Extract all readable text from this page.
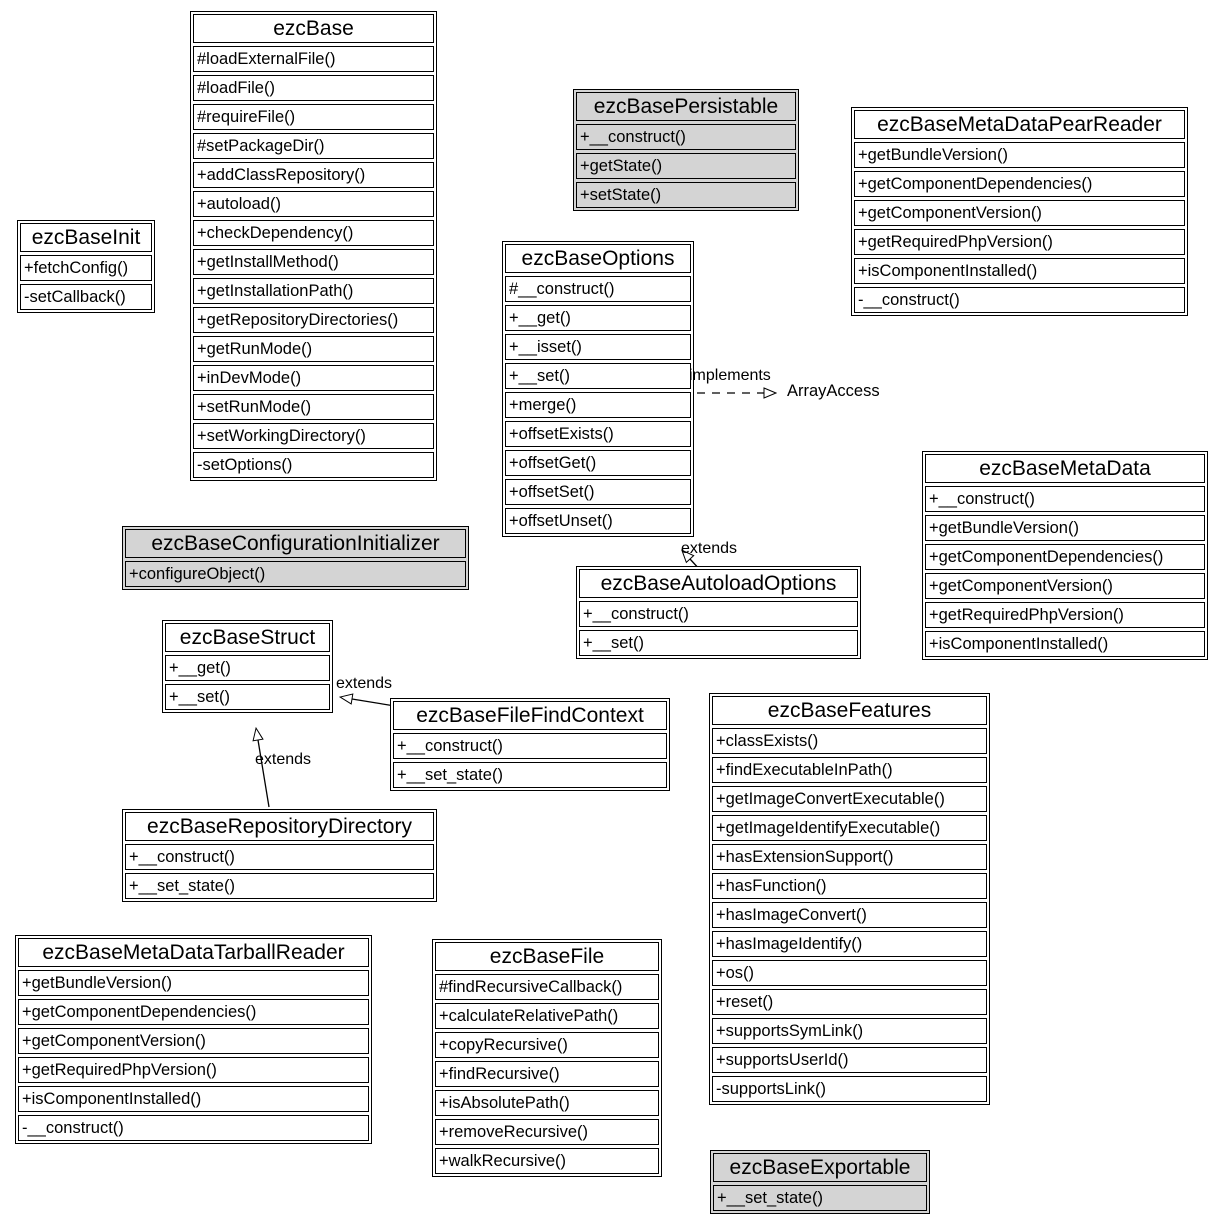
implements
ArrayAccess
extends
extends
extends
ezcBase
#loadExternalFile()
#loadFile()
#requireFile()
#setPackageDir()
+addClassRepository()
+autoload()
+checkDependency()
+getInstallMethod()
+getInstallationPath()
+getRepositoryDirectories()
+getRunMode()
+inDevMode()
+setRunMode()
+setWorkingDirectory()
-setOptions()
ezcBaseInit
+fetchConfig()
-setCallback()
ezcBasePersistable
+__construct()
+getState()
+setState()
ezcBaseMetaDataPearReader
+getBundleVersion()
+getComponentDependencies()
+getComponentVersion()
+getRequiredPhpVersion()
+isComponentInstalled()
-__construct()
ezcBaseOptions
#__construct()
+__get()
+__isset()
+__set()
+merge()
+offsetExists()
+offsetGet()
+offsetSet()
+offsetUnset()
ezcBaseMetaData
+__construct()
+getBundleVersion()
+getComponentDependencies()
+getComponentVersion()
+getRequiredPhpVersion()
+isComponentInstalled()
ezcBaseConfigurationInitializer
+configureObject()	ezcBaseAutoloadOptions
+__construct()
+__set()
ezcBaseStruct
+__get()
+__set()
ezcBaseFileFindContext
+__construct()
+__set_state()
ezcBaseFeatures
+classExists()
+findExecutableInPath()
+getImageConvertExecutable()
+getImageIdentifyExecutable()
+hasExtensionSupport()
+hasFunction()
+hasImageConvert()
+hasImageIdentify()
+os()
+reset()
+supportsSymLink()
+supportsUserId()
-supportsLink()
ezcBaseRepositoryDirectory
+__construct()
+__set_state()
ezcBaseMetaDataTarballReader
+getBundleVersion()
+getComponentDependencies()
+getComponentVersion()
+getRequiredPhpVersion()
+isComponentInstalled()
-__construct()
ezcBaseFile
#findRecursiveCallback()
+calculateRelativePath()
+copyRecursive()
+findRecursive()
+isAbsolutePath()
+removeRecursive()
+walkRecursive()	ezcBaseExportable
+__set_state()
